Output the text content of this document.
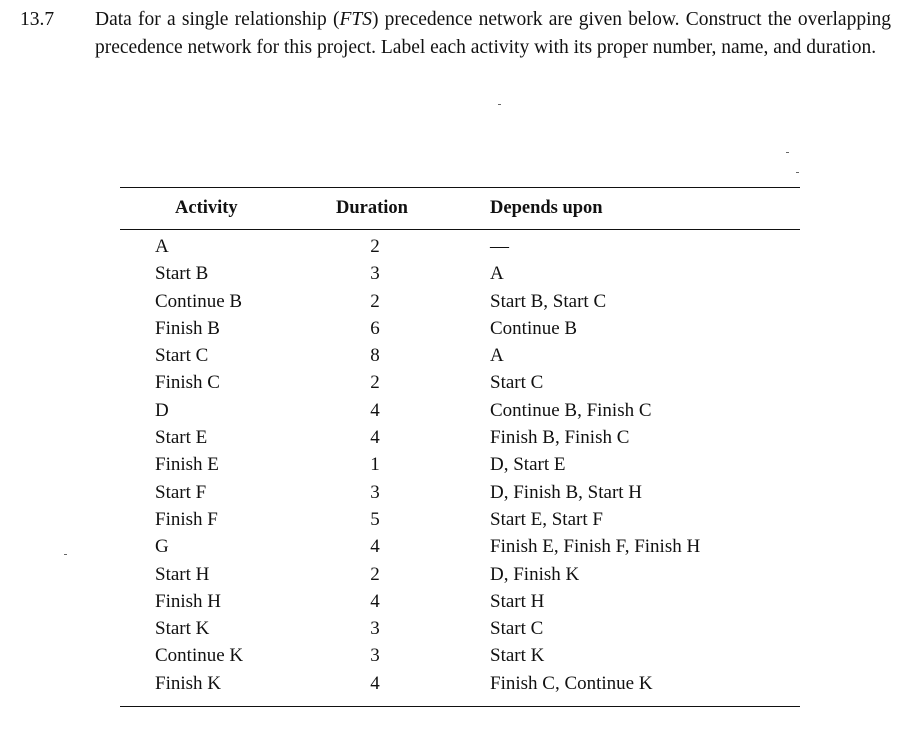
13.7 Data for a single relationship (FTS) precedence network are given below. Construct the overlapping precedence network for this project. Label each activity with its proper number, name, and duration.
Activity	Duration	Depends upon
A	2	—
Start B	3	A
Continue B	2	Start B, Start C
Finish B	6	Continue B
Start C	8	A
Finish C	2	Start C
D	4	Continue B, Finish C
Start E	4	Finish B, Finish C
Finish E	1	D, Start E
Start F	3	D, Finish B, Start H
Finish F	5	Start E, Start F
G	4	Finish E, Finish F, Finish H
Start H	2	D, Finish K
Finish H	4	Start H
Start K	3	Start C
Continue K	3	Start K
Finish K	4	Finish C, Continue K
